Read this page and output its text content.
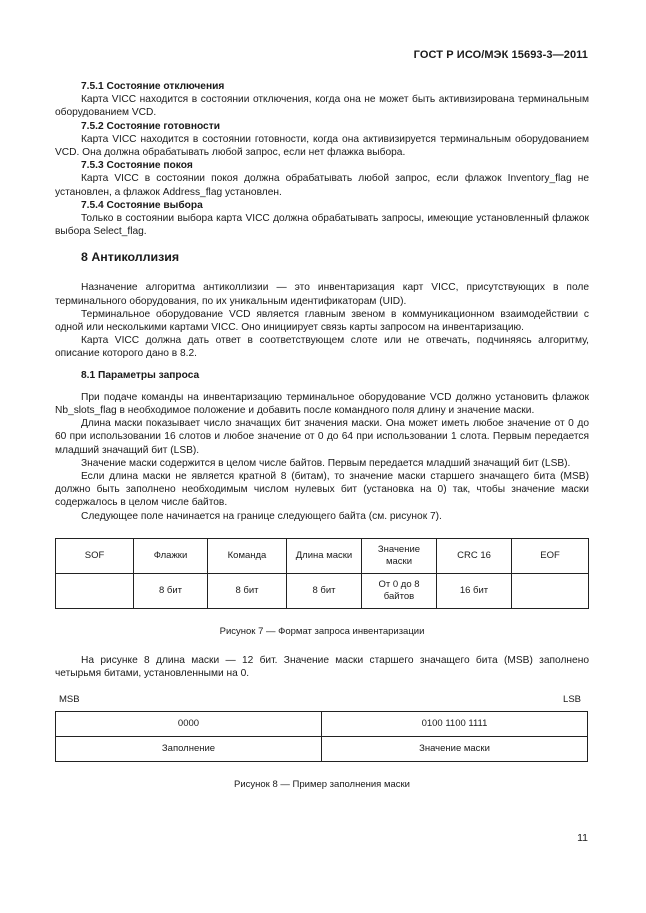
ГОСТ Р ИСО/МЭК 15693-3—2011

7.5.1 Состояние отключения

Карта VICC находится в состоянии отключения, когда она не может быть активизирована терминальным оборудованием VCD.

7.5.2 Состояние готовности

Карта VICC находится в состоянии готовности, когда она активизируется терминальным оборудованием VCD. Она должна обрабатывать любой запрос, если нет флажка выбора.

7.5.3 Состояние покоя

Карта VICC в состоянии покоя должна обрабатывать любой запрос, если флажок Inventory_flag не установлен, а флажок Address_flag установлен.

7.5.4 Состояние выбора

Только в состоянии выбора карта VICC должна обрабатывать запросы, имеющие установленный флажок выбора Select_flag.

8 Антиколлизия

Назначение алгоритма антиколлизии — это инвентаризация карт VICC, присутствующих в поле терминального оборудования, по их уникальным идентификаторам (UID).

Терминальное оборудование VCD является главным звеном в коммуникационном взаимодействии с одной или несколькими картами VICC. Оно инициирует связь карты запросом на инвентаризацию.

Карта VICC должна дать ответ в соответствующем слоте или не отвечать, подчиняясь алгоритму, описание которого дано в 8.2.

8.1 Параметры запроса

При подаче команды на инвентаризацию терминальное оборудование VCD должно установить флажок Nb_slots_flag в необходимое положение и добавить после командного поля длину и значение маски.

Длина маски показывает число значащих бит значения маски. Она может иметь любое значение от 0 до 60 при использовании 16 слотов и любое значение от 0 до 64 при использовании 1 слота. Первым передается младший значащий бит (LSB).

Значение маски содержится в целом числе байтов. Первым передается младший значащий бит (LSB).

Если длина маски не является кратной 8 (битам), то значение маски старшего значащего бита (MSB) должно быть заполнено необходимым числом нулевых бит (установка на 0) так, чтобы значение маски содержалось в целом числе байтов.

Следующее поле начинается на границе следующего байта (см. рисунок 7).

SOF	Флажки	Команда	Длина маски	Значение маски	CRC 16	EOF
	8 бит	8 бит	8 бит	От 0 до 8 байтов	16 бит	

Рисунок 7 — Формат запроса инвентаризации

На рисунке 8 длина маски — 12 бит. Значение маски старшего значащего бита (MSB) заполнено четырьмя битами, установленными на 0.

MSB	LSB
0000	0100 1100 1111
Заполнение	Значение маски

Рисунок 8 — Пример заполнения маски

11
